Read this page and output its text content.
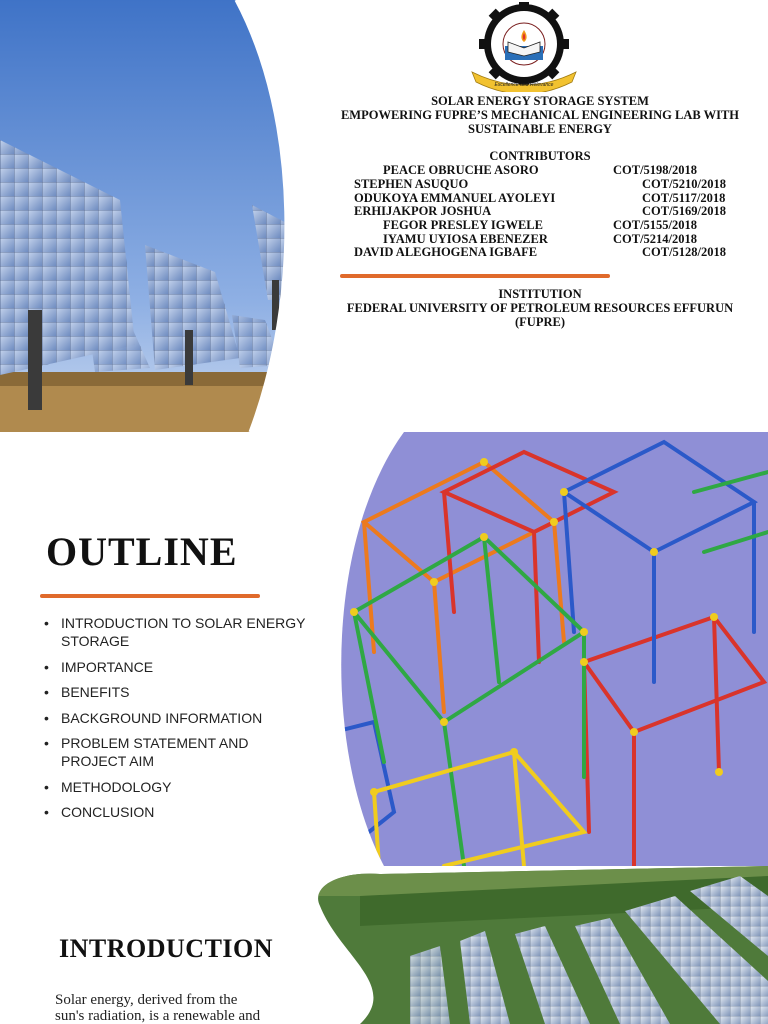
Excellence and Relevance
SOLAR ENERGY STORAGE SYSTEM
EMPOWERING FUPRE’S MECHANICAL ENGINEERING LAB WITH
SUSTAINABLE ENERGY
CONTRIBUTORS
PEACE OBRUCHE ASORO	COT/5198/2018
STEPHEN ASUQUO	COT/5210/2018
ODUKOYA EMMANUEL AYOLEYI	COT/5117/2018
ERHIJAKPOR JOSHUA	COT/5169/2018
FEGOR PRESLEY IGWELE	COT/5155/2018
IYAMU UYIOSA EBENEZER	COT/5214/2018
DAVID ALEGHOGENA IGBAFE	COT/5128/2018
INSTITUTION
FEDERAL UNIVERSITY OF PETROLEUM RESOURCES EFFURUN
(FUPRE)
OUTLINE
• INTRODUCTION TO SOLAR ENERGY STORAGE
• IMPORTANCE
• BENEFITS
• BACKGROUND INFORMATION
• PROBLEM STATEMENT AND PROJECT AIM
• METHODOLOGY
• CONCLUSION
INTRODUCTION
Solar energy, derived from the
sun's radiation, is a renewable and
